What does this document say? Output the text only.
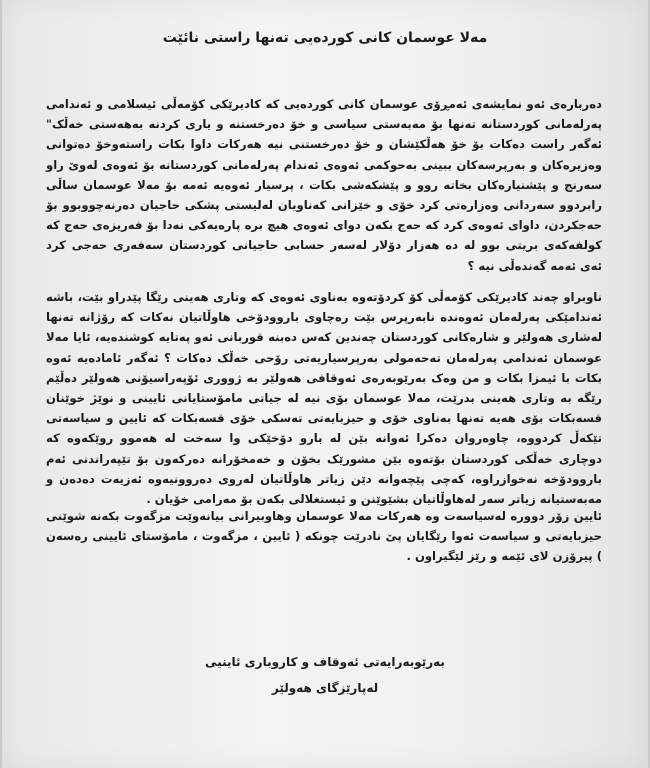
مەلا عوسمان کانی کوردەیی تەنها راستی نائێت

دەربارەی ئەو نمایشەی ئەمڕۆی عوسمان کانی کوردەیی کە کادیرێکی کۆمەڵی ئیسلامی و ئەندامی پەرلەمانی کوردستانە تەنها بۆ مەبەستی سیاسی و خۆ دەرخستنە و یاری کردنە بەهەستی خەڵک" ئەگەر راست دەکات بۆ خۆ هەڵکێشان و خۆ دەرخستنی نیە هەرکات داوا بکات راستەوخۆ دەتوانی وەزیرەکان و بەرپرسەکان ببینی بەحوکمی ئەوەی ئەندام پەرلەمانی کوردستانە بۆ ئەوەی لەوێ راو سەرنج و پێشنیارەکان بخاتە روو و پێشکەشی بکات ، پرسیار ئەوەیە ئەمە بۆ مەلا عوسمان ساڵی رابردوو سەردانی وەزارەتی کرد خۆی و خێزانی کەناویان لەلیستی پشکی حاجیان دەرنەچووبوو بۆ حەجکردن، داوای ئەوەی کرد کە حەج بکەن دوای ئەوەی هیچ برە پارەیەکی نەدا بۆ فەریزەی حەج کە کولفەکەی بریتی بوو لە دە هەزار دۆلار لەسەر حسابی حاجیانی کوردستان سەفەری حەجی کرد ئەی ئەمە گەندەڵی نیە ؟

ناوبراو چەند کادیرێکی کۆمەڵی کۆ کردۆتەوە بەناوی ئەوەی کە وتاری هەینی رێگا پێدراو بێت، باشە ئەندامێکی پەرلەمان ئەوەندە نابەرپرس بێت رەچاوی باروودۆخی هاوڵاتیان نەکات کە رۆژانە تەنها لەشاری هەولێر و شارەکانی کوردستان چەندین کەس دەبنە قوربانی ئەو پەتایە کوشندەیە، ئایا مەلا عوسمان ئەندامی پەرلەمان تەحەمولی بەرپرسیاریەتی رۆحی خەڵک دەکات ؟ ئەگەر ئامادەیە ئەوە بکات با ئیمزا بکات و من وەک بەرێوبەرەی ئەوقافی هەولێر بە ژووری ئۆپەراسیۆنی هەولێر دەڵێم رێگە بە وتاری هەینی بدرێت، مەلا عوسمان بۆی نیە لە جیاتی مامۆستایانی ئایینی و نوێژ خوێنان قسەبکات بۆی هەیە تەنها بەناوی خۆی و حیزبایەتی تەسکی خۆی قسەبکات کە ئایین و سیاسەتی تێکەڵ کردووە، چاوەروان دەکرا ئەوانە بێن لە بارو دۆخێکی وا سەخت لە هەموو روێکەوە کە دوچاری خەڵکی کوردستان بۆتەوە بێن مشورێک بخۆن و خەمخۆرانە دەرکەون بۆ تێپەراندنی ئەم باروودۆخە نەخوازراوە، کەچی پێچەوانە دێن زیاتر هاوڵاتیان لەروی دەروونیەوە ئەزیەت دەدەن و مەبەستیانە زیاتر سەر لەهاوڵاتیان بشێوێنن و ئیستغلالی بکەن بۆ مەرامی خۆیان .

ئایین زۆر دوورە لەسیاسەت وە هەرکات مەلا عوسمان وهاوبیرانی بیانەوێت مزگەوت بکەنە شوێنی حیزبایەتی و سیاسەت ئەوا رێگایان پێ نادرێت چونکە ( ئایین ، مزگەوت ، مامۆستای ئایینی رەسەن ) پیرۆزن لای ئێمە و رێز لێگیراون .

بەرێوبەرایەتی ئەوقاف و کاروباری ئاینیی
لەپارێزگای هەولێر
